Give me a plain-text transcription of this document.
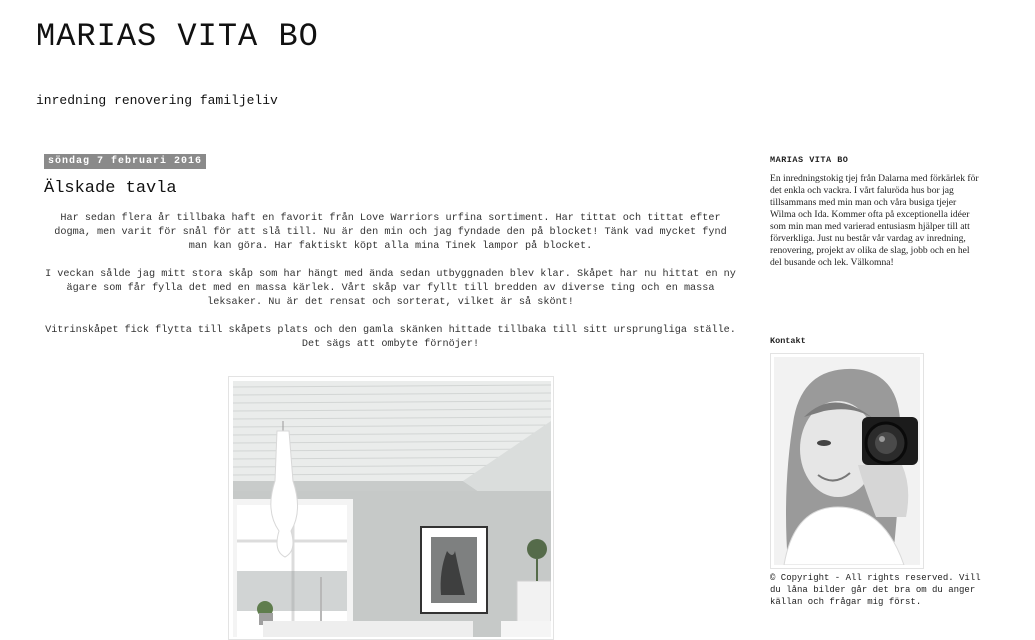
MARIAS VITA BO
inredning renovering familjeliv
söndag 7 februari 2016
Älskade tavla

Har sedan flera år tillbaka haft en favorit från Love Warriors urfina sortiment. Har tittat och tittat efter dogma, men varit för snål för att slå till. Nu är den min och jag fyndade den på blocket! Tänk vad mycket fynd man kan göra. Har faktiskt köpt alla mina Tinek lampor på blocket.

I veckan sålde jag mitt stora skåp som har hängt med ända sedan utbyggnaden blev klar. Skåpet har nu hittat en ny ägare som får fylla det med en massa kärlek. Vårt skåp var fyllt till bredden av diverse ting och en massa leksaker. Nu är det rensat och sorterat, vilket är så skönt!

Vitrinskåpet fick flytta till skåpets plats och den gamla skänken hittade tillbaka till sitt ursprungliga ställe. Det sägs att ombyte förnöjer!

MARIAS VITA BO
En inredningstokig tjej från Dalarna med förkärlek för det enkla och vackra. I vårt faluröda hus bor jag tillsammans med min man och våra busiga tjejer Wilma och Ida. Kommer ofta på exceptionella idéer som min man med varierad entusiasm hjälper till att förverkliga. Just nu består vår vardag av inredning, renovering, projekt av olika de slag, jobb och en hel del busande och lek. Välkomna!
Kontakt
© Copyright - All rights reserved. Vill du låna bilder går det bra om du anger källan och frågar mig först.
